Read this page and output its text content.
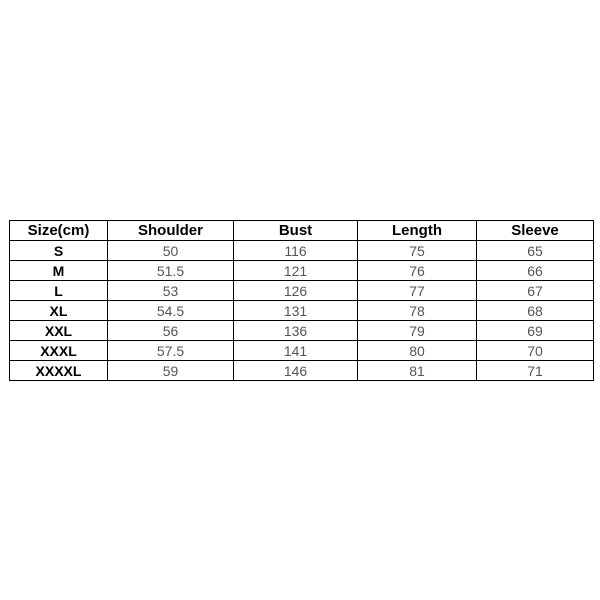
Size(cm)	Shoulder	Bust	Length	Sleeve
S	50	116	75	65
M	51.5	121	76	66
L	53	126	77	67
XL	54.5	131	78	68
XXL	56	136	79	69
XXXL	57.5	141	80	70
XXXXL	59	146	81	71
